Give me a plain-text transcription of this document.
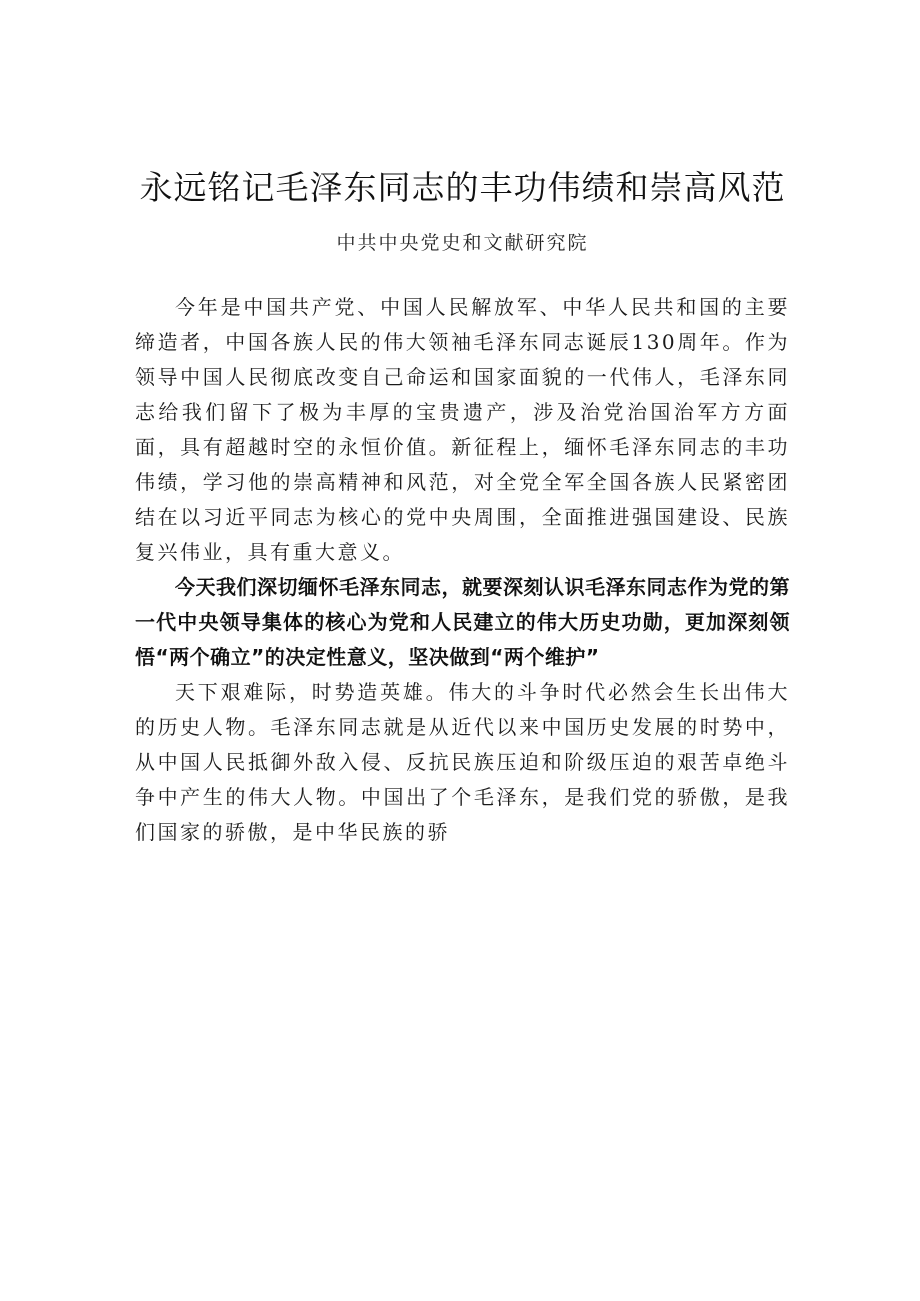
永远铭记毛泽东同志的丰功伟绩和崇高风范
中共中央党史和文献研究院

今年是中国共产党、中国人民解放军、中华人民共和国的主要缔造者，中国各族人民的伟大领袖毛泽东同志诞辰130周年。作为领导中国人民彻底改变自己命运和国家面貌的一代伟人，毛泽东同志给我们留下了极为丰厚的宝贵遗产，涉及治党治国治军方方面面，具有超越时空的永恒价值。新征程上，缅怀毛泽东同志的丰功伟绩，学习他的崇高精神和风范，对全党全军全国各族人民紧密团结在以习近平同志为核心的党中央周围，全面推进强国建设、民族复兴伟业，具有重大意义。

今天我们深切缅怀毛泽东同志，就要深刻认识毛泽东同志作为党的第一代中央领导集体的核心为党和人民建立的伟大历史功勋，更加深刻领悟“两个确立”的决定性意义，坚决做到“两个维护”

天下艰难际，时势造英雄。伟大的斗争时代必然会生长出伟大的历史人物。毛泽东同志就是从近代以来中国历史发展的时势中，从中国人民抵御外敌入侵、反抗民族压迫和阶级压迫的艰苦卓绝斗争中产生的伟大人物。中国出了个毛泽东，是我们党的骄傲，是我们国家的骄傲，是中华民族的骄
